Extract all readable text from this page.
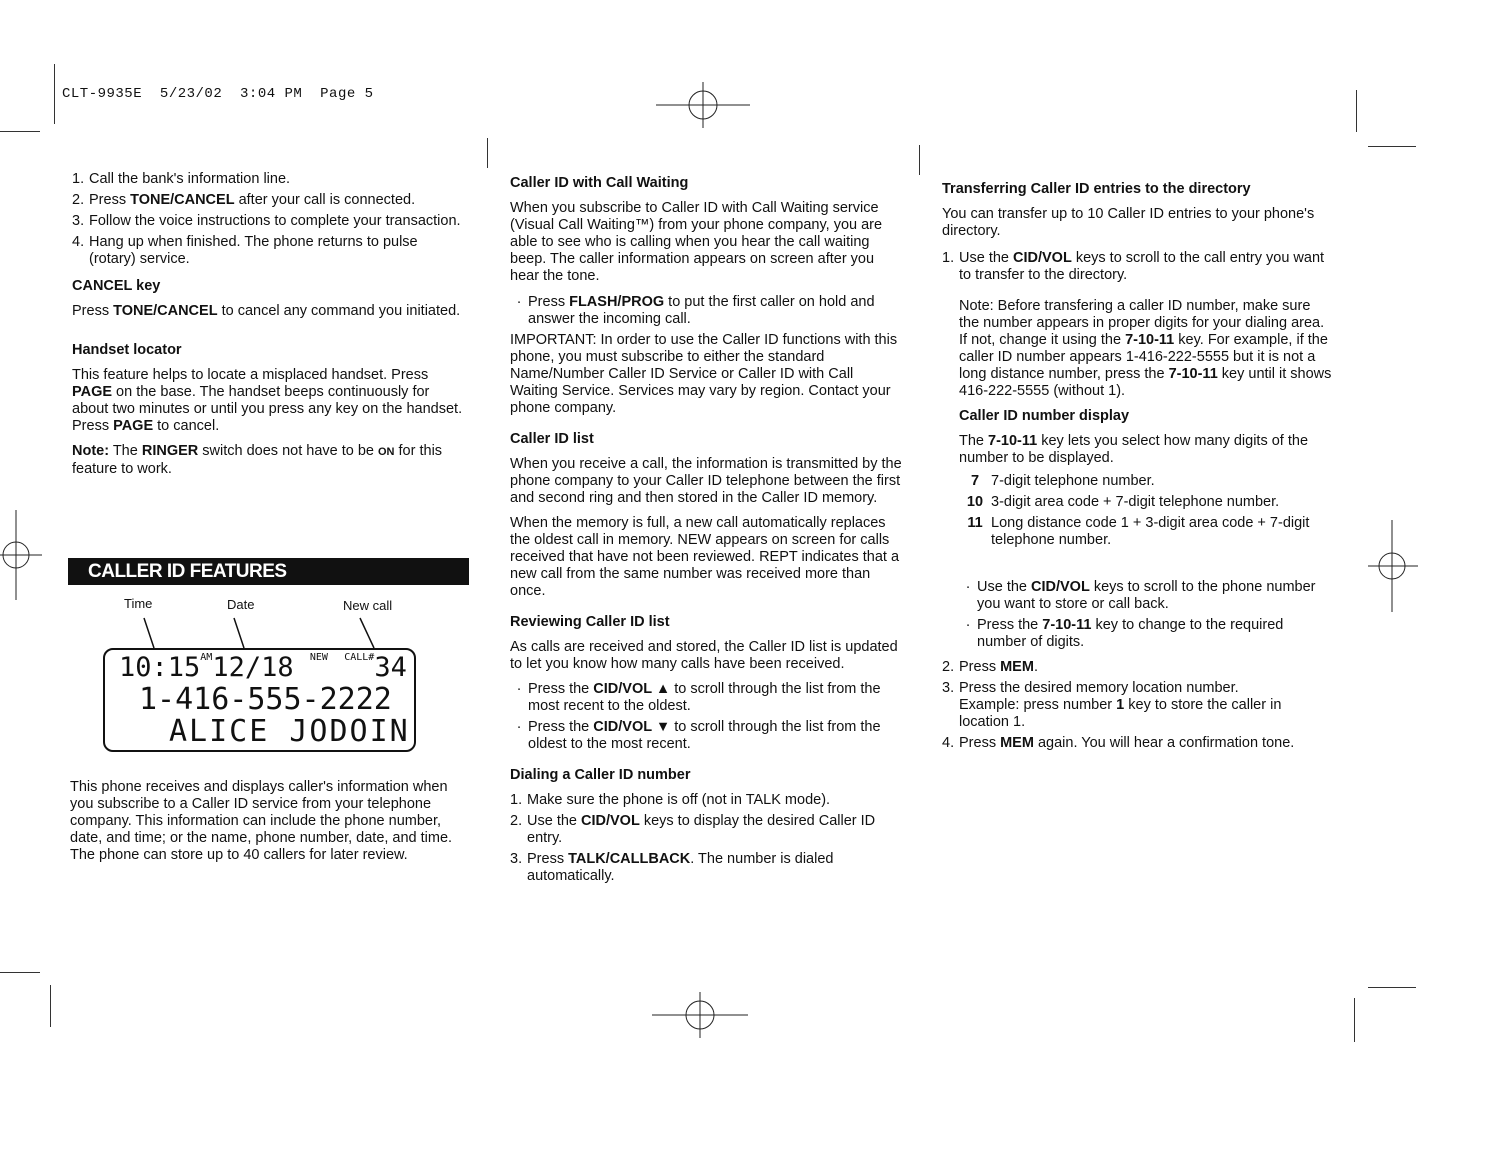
CLT-9935E  5/23/02  3:04 PM  Page 5
1. Call the bank's information line.
2. Press TONE/CANCEL after your call is connected.
3. Follow the voice instructions to complete your transaction.
4. Hang up when finished. The phone returns to pulse (rotary) service.

CANCEL key

Press TONE/CANCEL to cancel any command you initiated.

Handset locator

This feature helps to locate a misplaced handset. Press PAGE on the base. The handset beeps continuously for about two minutes or until you press any key on the handset. Press PAGE to cancel.

Note: The RINGER switch does not have to be ON for this feature to work.

CALLER ID FEATURES
Time	Date	New call
$10:15^{AM}12/18$ $^{NEW}$ $^{CALL\#}$34
1-416-555-2222
ALICE JODOIN

This phone receives and displays caller's information when you subscribe to a Caller ID service from your telephone company. This information can include the phone number, date, and time; or the name, phone number, date, and time. The phone can store up to 40 callers for later review.

Caller ID with Call Waiting

When you subscribe to Caller ID with Call Waiting service (Visual Call Waiting™) from your phone company, you are able to see who is calling when you hear the call waiting beep. The caller information appears on screen after you hear the tone.

· Press FLASH/PROG to put the first caller on hold and answer the incoming call.

IMPORTANT: In order to use the Caller ID functions with this phone, you must subscribe to either the standard Name/Number Caller ID Service or Caller ID with Call Waiting Service. Services may vary by region. Contact your phone company.

Caller ID list

When you receive a call, the information is transmitted by the phone company to your Caller ID telephone between the first and second ring and then stored in the Caller ID memory.

When the memory is full, a new call automatically replaces the oldest call in memory. NEW appears on screen for calls received that have not been reviewed. REPT indicates that a new call from the same number was received more than once.

Reviewing Caller ID list

As calls are received and stored, the Caller ID list is updated to let you know how many calls have been received.

· Press the CID/VOL ▲ to scroll through the list from the most recent to the oldest.
· Press the CID/VOL ▼ to scroll through the list from the oldest to the most recent.

Dialing a Caller ID number

1. Make sure the phone is off (not in TALK mode).
2. Use the CID/VOL keys to display the desired Caller ID entry.
3. Press TALK/CALLBACK. The number is dialed automatically.

Transferring Caller ID entries to the directory

You can transfer up to 10 Caller ID entries to your phone's directory.

1. Use the CID/VOL keys to scroll to the call entry you want to transfer to the directory.

Note: Before transfering a caller ID number, make sure the number appears in proper digits for your dialing area. If not, change it using the 7-10-11 key. For example, if the caller ID number appears 1-416-222-5555 but it is not a long distance number, press the 7-10-11 key until it shows 416-222-5555 (without 1).

Caller ID number display

The 7-10-11 key lets you select how many digits of the number to be displayed.

7	7-digit telephone number.
10	3-digit area code + 7-digit telephone number.
11	Long distance code 1 + 3-digit area code + 7-digit telephone number.
· Use the CID/VOL keys to scroll to the phone number you want to store or call back.
· Press the 7-10-11 key to change to the required number of digits.
2. Press MEM.
3. Press the desired memory location number.
Example: press number 1 key to store the caller in location 1.
4. Press MEM again. You will hear a confirmation tone.
